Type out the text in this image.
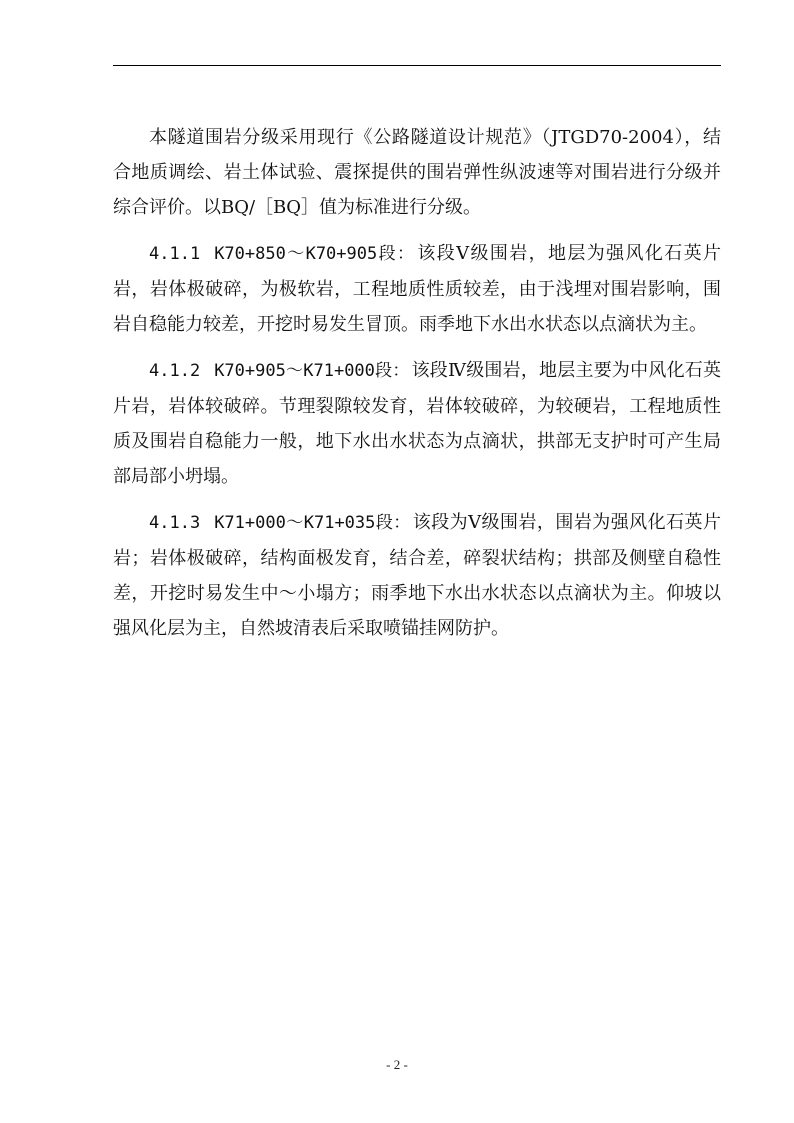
本隧道围岩分级采用现行《公路隧道设计规范》（JTGD70-2004），结合地质调绘、岩土体试验、震探提供的围岩弹性纵波速等对围岩进行分级并综合评价。以BQ/［BQ］值为标准进行分级。

4.1.1 K70+850～K70+905段： 该段Ⅴ级围岩，地层为强风化石英片岩，岩体极破碎，为极软岩，工程地质性质较差，由于浅埋对围岩影响，围岩自稳能力较差，开挖时易发生冒顶。雨季地下水出水状态以点滴状为主。

4.1.2 K70+905～K71+000段： 该段Ⅳ级围岩，地层主要为中风化石英片岩，岩体较破碎。节理裂隙较发育，岩体较破碎，为较硬岩，工程地质性质及围岩自稳能力一般，地下水出水状态为点滴状，拱部无支护时可产生局部局部小坍塌。

4.1.3 K71+000～K71+035段： 该段为Ⅴ级围岩，围岩为强风化石英片岩；岩体极破碎，结构面极发育，结合差，碎裂状结构；拱部及侧壁自稳性差，开挖时易发生中～小塌方；雨季地下水出水状态以点滴状为主。仰坡以强风化层为主，自然坡清表后采取喷锚挂网防护。

- 2 -
